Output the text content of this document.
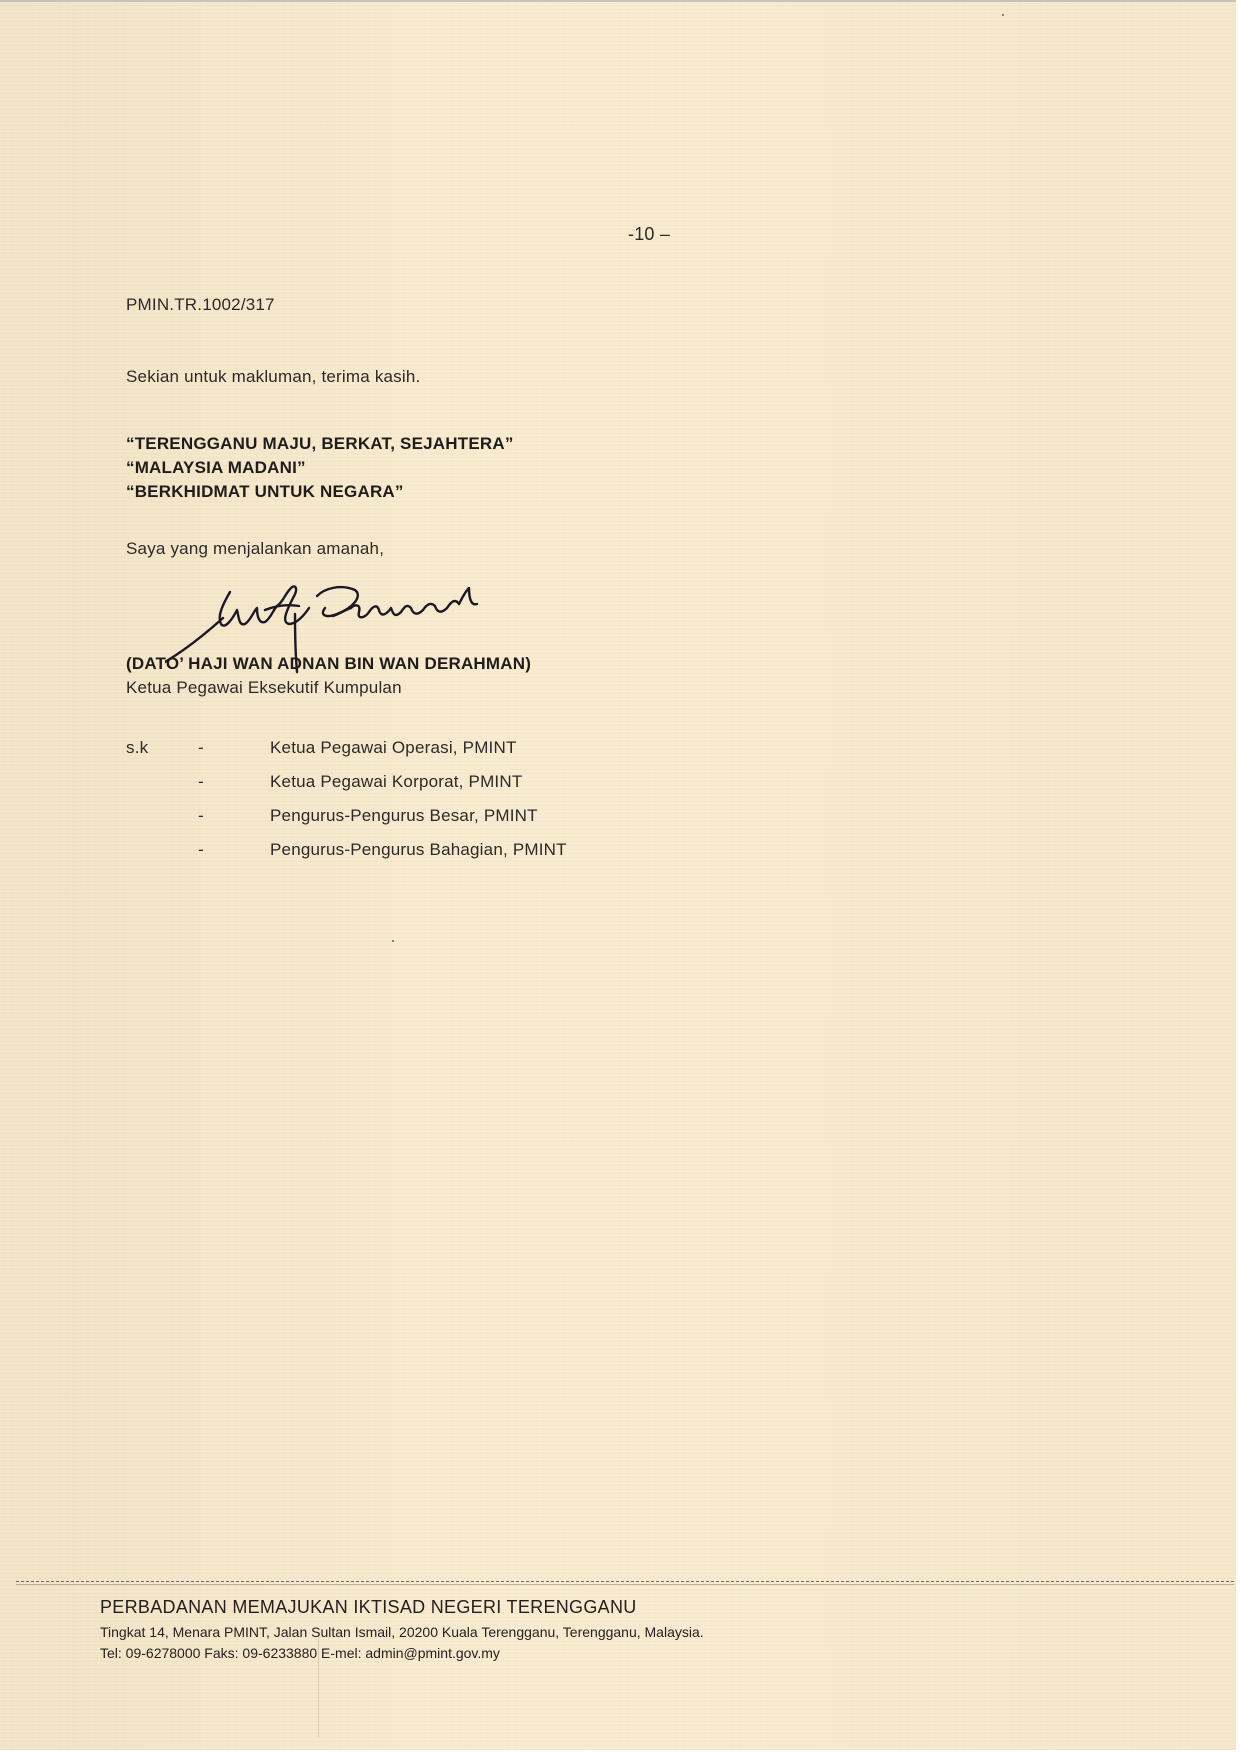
-10 –
PMIN.TR.1002/317
Sekian untuk makluman, terima kasih.
“TERENGGANU MAJU, BERKAT, SEJAHTERA”
“MALAYSIA MADANI”
“BERKHIDMAT UNTUK NEGARA”
Saya yang menjalankan amanah,
(DATO’ HAJI WAN ADNAN BIN WAN DERAHMAN)
Ketua Pegawai Eksekutif Kumpulan
s.k	-	Ketua Pegawai Operasi, PMINT
-	Ketua Pegawai Korporat, PMINT
-	Pengurus-Pengurus Besar, PMINT
-	Pengurus-Pengurus Bahagian, PMINT
PERBADANAN MEMAJUKAN IKTISAD NEGERI TERENGGANU
Tingkat 14, Menara PMINT, Jalan Sultan Ismail, 20200 Kuala Terengganu, Terengganu, Malaysia.
Tel: 09-6278000 Faks: 09-6233880 E-mel: admin@pmint.gov.my
